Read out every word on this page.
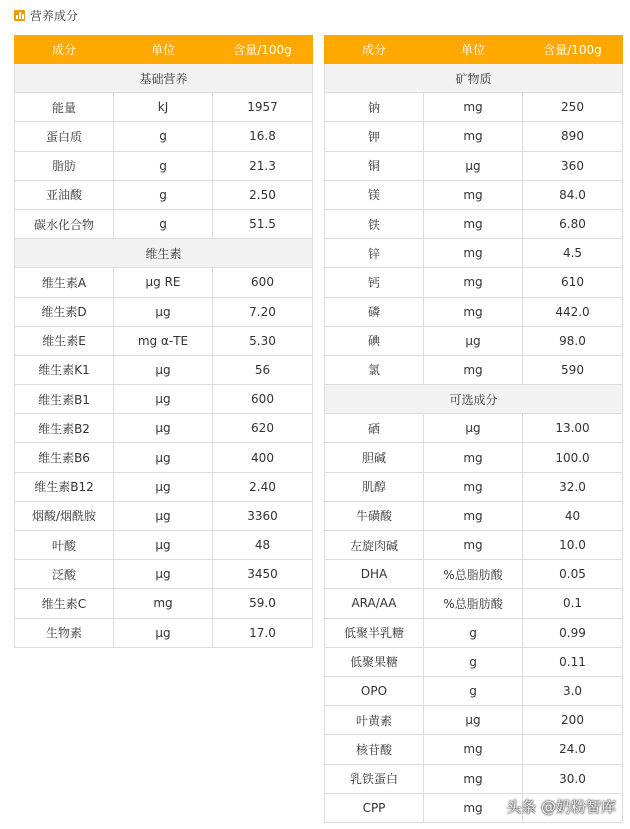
营养成分
成分	单位	含量/100g
基础营养		
能量	kJ	1957
蛋白质	g	16.8
脂肪	g	21.3
亚油酸	g	2.50
碳水化合物	g	51.5
维生素		
维生素A	μg RE	600
维生素D	μg	7.20
维生素E	mg α-TE	5.30
维生素K1	μg	56
维生素B1	μg	600
维生素B2	μg	620
维生素B6	μg	400
维生素B12	μg	2.40
烟酸/烟酰胺	μg	3360
叶酸	μg	48
泛酸	μg	3450
维生素C	mg	59.0
生物素	μg	17.0
成分	单位	含量/100g
矿物质		
钠	mg	250
钾	mg	890
铜	μg	360
镁	mg	84.0
铁	mg	6.80
锌	mg	4.5
钙	mg	610
磷	mg	442.0
碘	μg	98.0
氯	mg	590
可选成分		
硒	μg	13.00
胆碱	mg	100.0
肌醇	mg	32.0
牛磺酸	mg	40
左旋肉碱	mg	10.0
DHA	%总脂肪酸	0.05
ARA/AA	%总脂肪酸	0.1
低聚半乳糖	g	0.99
低聚果糖	g	0.11
OPO	g	3.0
叶黄素	μg	200
核苷酸	mg	24.0
乳铁蛋白	mg	30.0
CPP	mg	头条 @奶粉智库
